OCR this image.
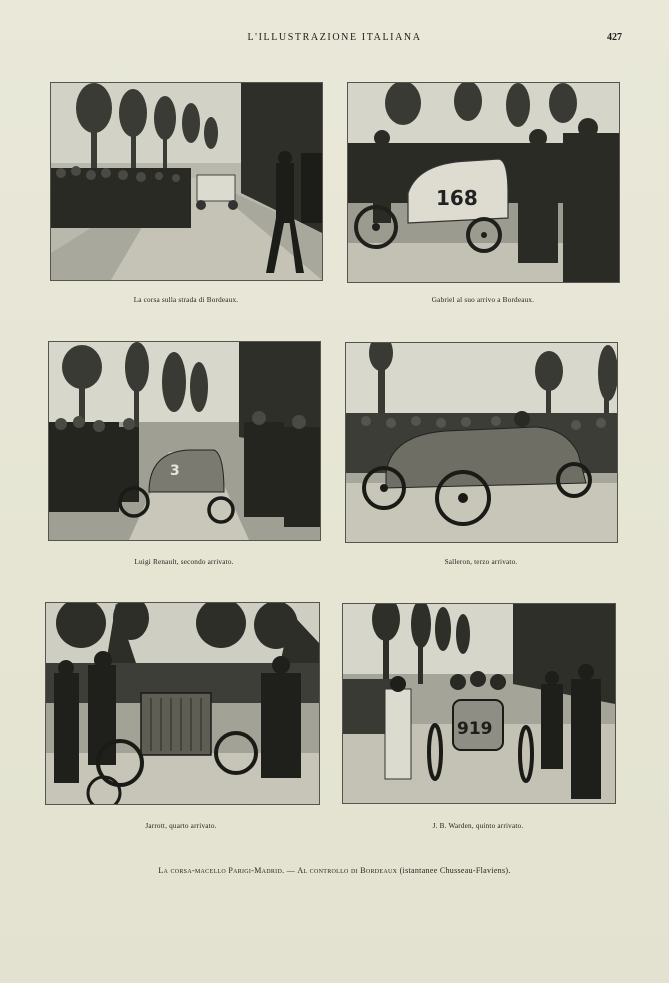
L'ILLUSTRAZIONE ITALIANA	427
La corsa sulla strada di Bordeaux.
168
Gabriel al suo arrivo a Bordeaux.
3
Luigi Renault, secondo arrivato.	Salleron, terzo arrivato.
Jarrott, quarto arrivato.
919
J. B. Warden, quinto arrivato.
La corsa-macello Parigi-Madrid. — Al controllo di Bordeaux (istantanee Chusseau-Flaviens).
